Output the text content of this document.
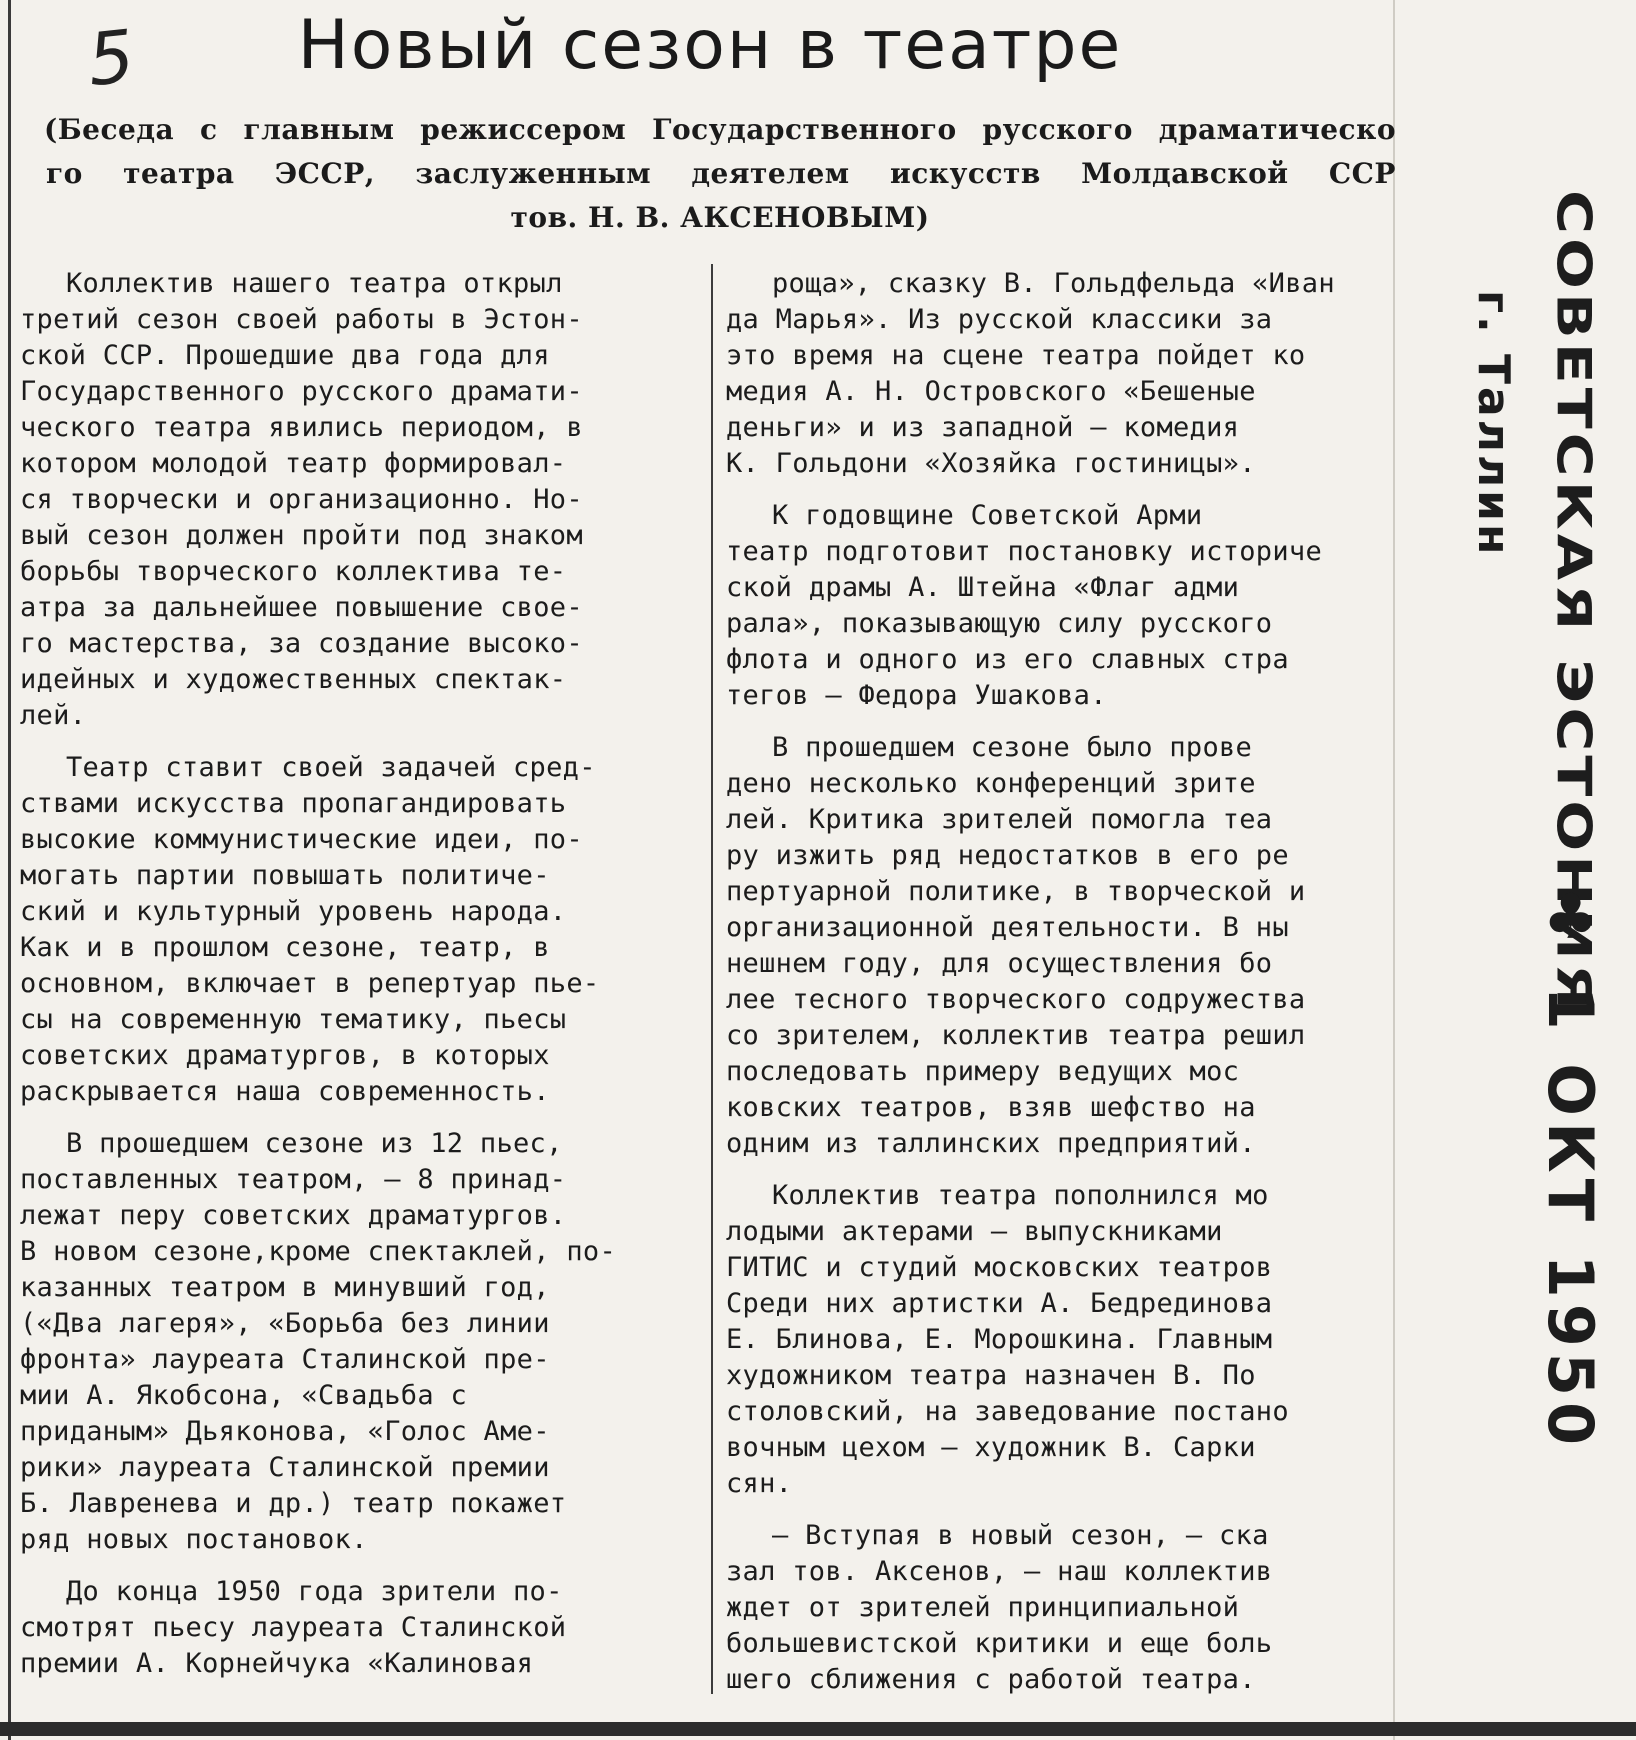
5	Новый сезон в театре
(Беседа с главным режиссером Государственного русского драматическо
го театра ЭССР, заслуженным деятелем искусств Молдавской ССР
тов. Н. В. АКСЕНОВЫМ)
Коллектив нашего театра открыл
третий сезон своей работы в Эстон-
ской ССР. Прошедшие два года для
Государственного русского драмати-
ческого театра явились периодом, в
котором молодой театр формировал-
ся творчески и организационно. Но-
вый сезон должен пройти под знаком
борьбы творческого коллектива те-
атра за дальнейшее повышение свое-
го мастерства, за создание высоко-
идейных и художественных спектак-
лей.
Театр ставит своей задачей сред-
ствами искусства пропагандировать
высокие коммунистические идеи, по-
могать партии повышать политиче-
ский и культурный уровень народа.
Как и в прошлом сезоне, театр, в
основном, включает в репертуар пье-
сы на современную тематику, пьесы
советских драматургов, в которых
раскрывается наша современность.
В прошедшем сезоне из 12 пьес,
поставленных театром, — 8 принад-
лежат перу советских драматургов.
В новом сезоне,кроме спектаклей, по-
казанных театром в минувший год,
(«Два лагеря», «Борьба без линии
фронта» лауреата Сталинской пре-
мии А. Якобсона, «Свадьба с
приданым» Дьяконова, «Голос Аме-
рики» лауреата Сталинской премии
Б. Лавренева и др.) театр покажет
ряд новых постановок.
До конца 1950 года зрители по-
смотрят пьесу лауреата Сталинской
премии А. Корнейчука «Калиновая
роща», сказку В. Гольдфельда «Иван
да Марья». Из русской классики за
это время на сцене театра пойдет ко
медия А. Н. Островского «Бешеные
деньги» и из западной — комедия
К. Гольдони «Хозяйка гостиницы».
К годовщине Советской Арми
театр подготовит постановку историче
ской драмы А. Штейна «Флаг адми
рала», показывающую силу русского
флота и одного из его славных стра
тегов — Федора Ушакова.
В прошедшем сезоне было прове
дено несколько конференций зрите
лей. Критика зрителей помогла теа
ру изжить ряд недостатков в его ре
пертуарной политике, в творческой и
организационной деятельности. В ны
нешнем году, для осуществления бо
лее тесного творческого содружества
со зрителем, коллектив театра решил
последовать примеру ведущих мос
ковских театров, взяв шефство на
одним из таллинских предприятий.
Коллектив театра пополнился мо
лодыми актерами — выпускниками
ГИТИС и студий московских театров
Среди них артистки А. Бедрединова
Е. Блинова, Е. Морошкина. Главным
художником театра назначен В. По
столовский, на заведование постано
вочным цехом — художник В. Сарки
сян.
— Вступая в новый сезон, — ска
зал тов. Аксенов, — наш коллектив
ждет от зрителей принципиальной
большевистской критики и еще боль
шего сближения с работой театра.
СОВЕТСКАЯ ЭСТОНИЯ
г. Таллин
♣ 1 ОКТ 1950
